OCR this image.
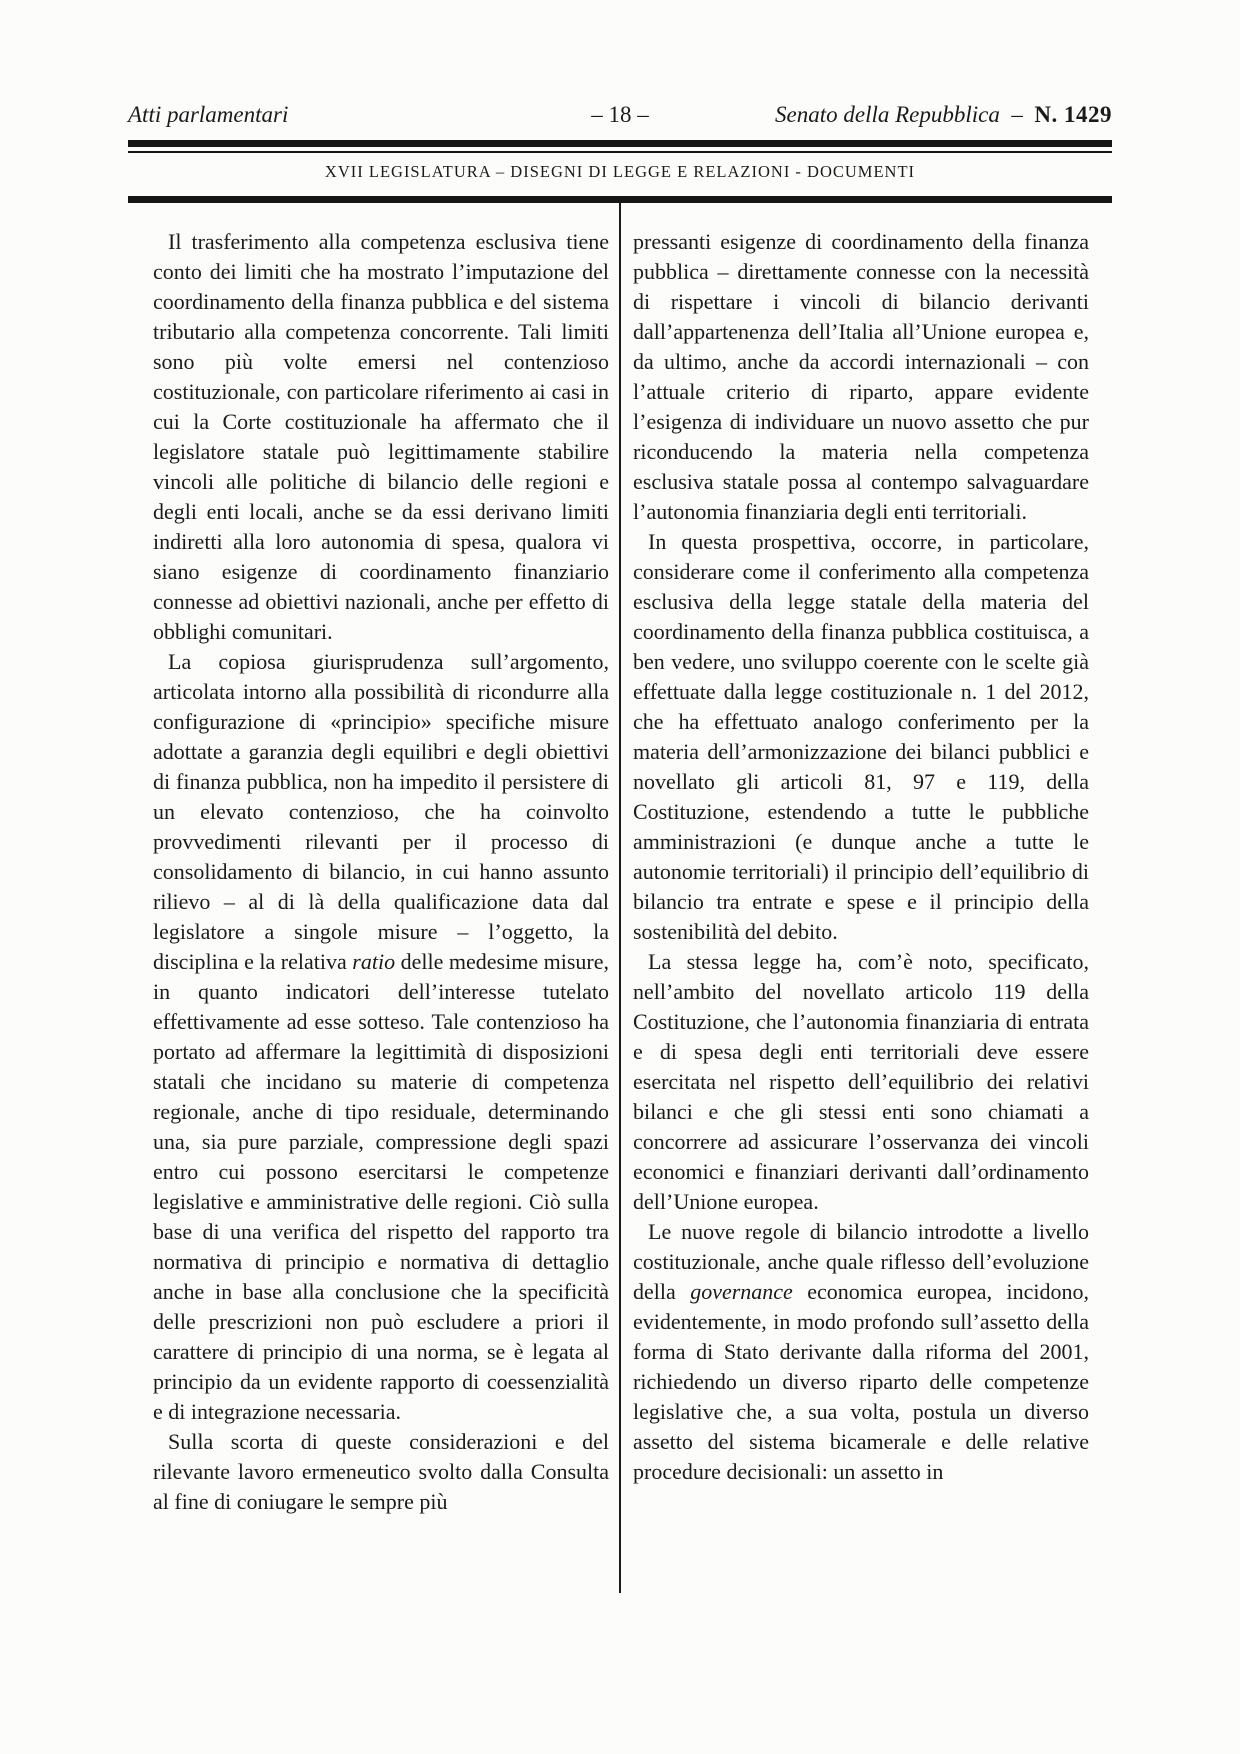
Atti parlamentari	– 18 –	Senato della Repubblica – N. 1429
XVII LEGISLATURA – DISEGNI DI LEGGE E RELAZIONI - DOCUMENTI

Il trasferimento alla competenza esclusiva tiene conto dei limiti che ha mostrato l’imputazione del coordinamento della finanza pubblica e del sistema tributario alla competenza concorrente. Tali limiti sono più volte emersi nel contenzioso costituzionale, con particolare riferimento ai casi in cui la Corte costituzionale ha affermato che il legislatore statale può legittimamente stabilire vincoli alle politiche di bilancio delle regioni e degli enti locali, anche se da essi derivano limiti indiretti alla loro autonomia di spesa, qualora vi siano esigenze di coordinamento finanziario connesse ad obiettivi nazionali, anche per effetto di obblighi comunitari.

La copiosa giurisprudenza sull’argomento, articolata intorno alla possibilità di ricondurre alla configurazione di «principio» specifiche misure adottate a garanzia degli equilibri e degli obiettivi di finanza pubblica, non ha impedito il persistere di un elevato contenzioso, che ha coinvolto provvedimenti rilevanti per il processo di consolidamento di bilancio, in cui hanno assunto rilievo – al di là della qualificazione data dal legislatore a singole misure – l’oggetto, la disciplina e la relativa ratio delle medesime misure, in quanto indicatori dell’interesse tutelato effettivamente ad esse sotteso. Tale contenzioso ha portato ad affermare la legittimità di disposizioni statali che incidano su materie di competenza regionale, anche di tipo residuale, determinando una, sia pure parziale, compressione degli spazi entro cui possono esercitarsi le competenze legislative e amministrative delle regioni. Ciò sulla base di una verifica del rispetto del rapporto tra normativa di principio e normativa di dettaglio anche in base alla conclusione che la specificità delle prescrizioni non può escludere a priori il carattere di principio di una norma, se è legata al principio da un evidente rapporto di coessenzialità e di integrazione necessaria.

Sulla scorta di queste considerazioni e del rilevante lavoro ermeneutico svolto dalla Consulta al fine di coniugare le sempre più

pressanti esigenze di coordinamento della finanza pubblica – direttamente connesse con la necessità di rispettare i vincoli di bilancio derivanti dall’appartenenza dell’Italia all’Unione europea e, da ultimo, anche da accordi internazionali – con l’attuale criterio di riparto, appare evidente l’esigenza di individuare un nuovo assetto che pur riconducendo la materia nella competenza esclusiva statale possa al contempo salvaguardare l’autonomia finanziaria degli enti territoriali.

In questa prospettiva, occorre, in particolare, considerare come il conferimento alla competenza esclusiva della legge statale della materia del coordinamento della finanza pubblica costituisca, a ben vedere, uno sviluppo coerente con le scelte già effettuate dalla legge costituzionale n. 1 del 2012, che ha effettuato analogo conferimento per la materia dell’armonizzazione dei bilanci pubblici e novellato gli articoli 81, 97 e 119, della Costituzione, estendendo a tutte le pubbliche amministrazioni (e dunque anche a tutte le autonomie territoriali) il principio dell’equilibrio di bilancio tra entrate e spese e il principio della sostenibilità del debito.

La stessa legge ha, com’è noto, specificato, nell’ambito del novellato articolo 119 della Costituzione, che l’autonomia finanziaria di entrata e di spesa degli enti territoriali deve essere esercitata nel rispetto dell’equilibrio dei relativi bilanci e che gli stessi enti sono chiamati a concorrere ad assicurare l’osservanza dei vincoli economici e finanziari derivanti dall’ordinamento dell’Unione europea.

Le nuove regole di bilancio introdotte a livello costituzionale, anche quale riflesso dell’evoluzione della governance economica europea, incidono, evidentemente, in modo profondo sull’assetto della forma di Stato derivante dalla riforma del 2001, richiedendo un diverso riparto delle competenze legislative che, a sua volta, postula un diverso assetto del sistema bicamerale e delle relative procedure decisionali: un assetto in
